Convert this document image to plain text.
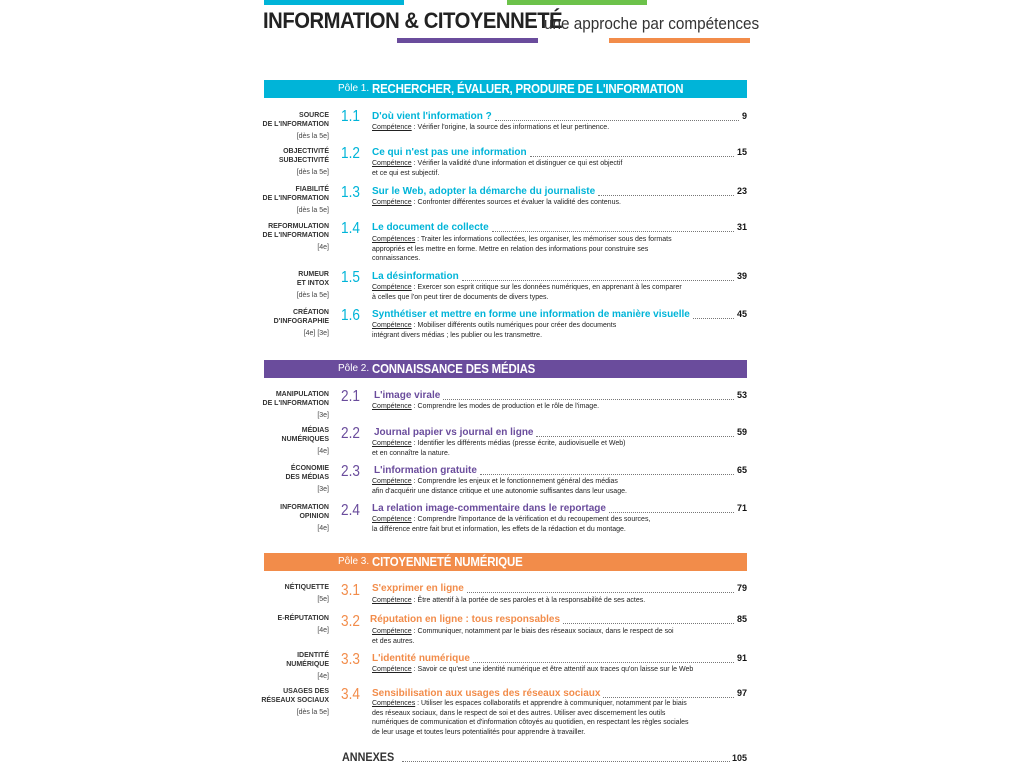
INFORMATION & CITOYENNETÉ
une approche par compétences
Pôle 1. RECHERCHER, ÉVALUER, PRODUIRE DE L'INFORMATION
Pôle 2. CONNAISSANCE DES MÉDIAS
Pôle 3. CITOYENNETÉ NUMÉRIQUE
SOURCE
DE L'INFORMATION
[dès la 5e]
1.1 D'où vient l'information ?	9
Compétence : Vérifier l'origine, la source des informations et leur pertinence.
OBJECTIVITÉ
SUBJECTIVITÉ
[dès la 5e]
1.2 Ce qui n'est pas une information	15
Compétence : Vérifier la validité d'une information et distinguer ce qui est objectif
et ce qui est subjectif.
FIABILITÉ
DE L'INFORMATION
[dès la 5e]
1.3 Sur le Web, adopter la démarche du journaliste	23
Compétence : Confronter différentes sources et évaluer la validité des contenus.
REFORMULATION
DE L'INFORMATION
[4e]
1.4 Le document de collecte	31
Compétences : Traiter les informations collectées, les organiser, les mémoriser sous des formats
appropriés et les mettre en forme. Mettre en relation des informations pour construire ses
connaissances.
RUMEUR
ET INTOX
[dès la 5e]
1.5 La désinformation	39
Compétence : Exercer son esprit critique sur les données numériques, en apprenant à les comparer
à celles que l'on peut tirer de documents de divers types.
CRÉATION
D'INFOGRAPHIE
[4e] [3e]
1.6 Synthétiser et mettre en forme une information de manière visuelle	45
Compétence : Mobiliser différents outils numériques pour créer des documents
intégrant divers médias ; les publier ou les transmettre.
MANIPULATION
DE L'INFORMATION
[3e]
2.1 L'image virale	53
Compétence : Comprendre les modes de production et le rôle de l'image.
MÉDIAS
NUMÉRIQUES
[4e]
2.2 Journal papier vs journal en ligne	59
Compétence : Identifier les différents médias (presse écrite, audiovisuelle et Web)
et en connaître la nature.
ÉCONOMIE
DES MÉDIAS
[3e]
2.3 L'information gratuite	65
Compétence : Comprendre les enjeux et le fonctionnement général des médias
afin d'acquérir une distance critique et une autonomie suffisantes dans leur usage.
INFORMATION
OPINION
[4e]
2.4 La relation image-commentaire dans le reportage	71
Compétence : Comprendre l'importance de la vérification et du recoupement des sources,
la différence entre fait brut et information, les effets de la rédaction et du montage.
NÉTIQUETTE
[5e]
3.1 S'exprimer en ligne	79
Compétence : Être attentif à la portée de ses paroles et à la responsabilité de ses actes.
E-RÉPUTATION
[4e]
3.2 Réputation en ligne : tous responsables	85
Compétence : Communiquer, notamment par le biais des réseaux sociaux, dans le respect de soi
et des autres.
IDENTITÉ
NUMÉRIQUE
[4e]
3.3 L'identité numérique	91
Compétence : Savoir ce qu'est une identité numérique et être attentif aux traces qu'on laisse sur le Web
USAGES DES
RÉSEAUX SOCIAUX
[dès la 5e]
3.4 Sensibilisation aux usages des réseaux sociaux	97
Compétences : Utiliser les espaces collaboratifs et apprendre à communiquer, notamment par le biais
des réseaux sociaux, dans le respect de soi et des autres. Utiliser avec discernement les outils
numériques de communication et d'information côtoyés au quotidien, en respectant les règles sociales
de leur usage et toutes leurs potentialités pour apprendre à travailler.
ANNEXES	105
